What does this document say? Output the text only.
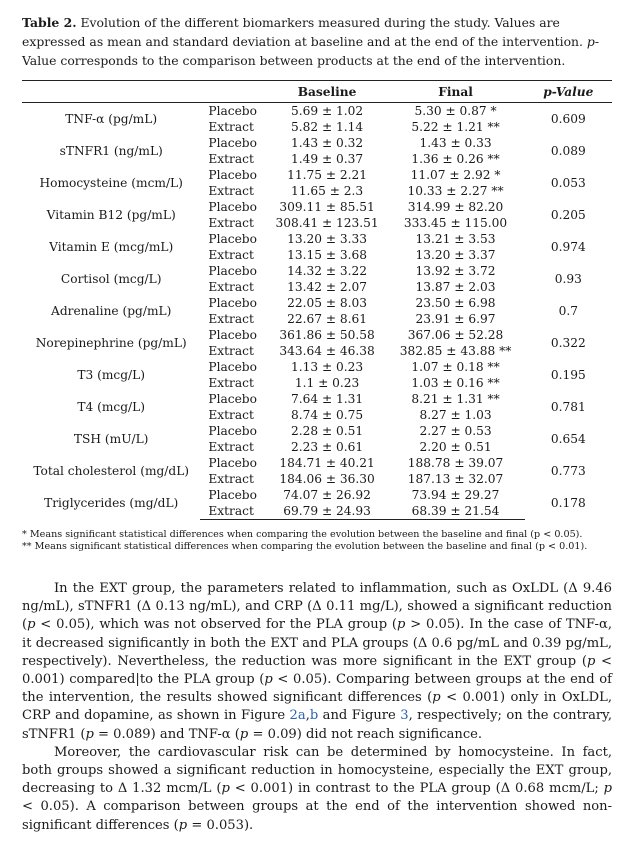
Table 2. Evolution of the different biomarkers measured during the study. Values are expressed as mean and standard deviation at baseline and at the end of the intervention. p-Value corresponds to the comparison between products at the end of the intervention.
		Baseline	Final	p-Value
TNF-α (pg/mL)	Placebo	5.69 ± 1.02	5.30 ± 0.87 *	0.609
	Extract	5.82 ± 1.14	5.22 ± 1.21 **	
sTNFR1 (ng/mL)	Placebo	1.43 ± 0.32	1.43 ± 0.33	0.089
	Extract	1.49 ± 0.37	1.36 ± 0.26 **	
Homocysteine (mcm/L)	Placebo	11.75 ± 2.21	11.07 ± 2.92 *	0.053
	Extract	11.65 ± 2.3	10.33 ± 2.27 **	
Vitamin B12 (pg/mL)	Placebo	309.11 ± 85.51	314.99 ± 82.20	0.205
	Extract	308.41 ± 123.51	333.45 ± 115.00	
Vitamin E (mcg/mL)	Placebo	13.20 ± 3.33	13.21 ± 3.53	0.974
	Extract	13.15 ± 3.68	13.20 ± 3.37	
Cortisol (mcg/L)	Placebo	14.32 ± 3.22	13.92 ± 3.72	0.93
	Extract	13.42 ± 2.07	13.87 ± 2.03	
Adrenaline (pg/mL)	Placebo	22.05 ± 8.03	23.50 ± 6.98	0.7
	Extract	22.67 ± 8.61	23.91 ± 6.97	
Norepinephrine (pg/mL)	Placebo	361.86 ± 50.58	367.06 ± 52.28	0.322
	Extract	343.64 ± 46.38	382.85 ± 43.88 **	
T3 (mcg/L)	Placebo	1.13 ± 0.23	1.07 ± 0.18 **	0.195
	Extract	1.1 ± 0.23	1.03 ± 0.16 **	
T4 (mcg/L)	Placebo	7.64 ± 1.31	8.21 ± 1.31 **	0.781
	Extract	8.74 ± 0.75	8.27 ± 1.03	
TSH (mU/L)	Placebo	2.28 ± 0.51	2.27 ± 0.53	0.654
	Extract	2.23 ± 0.61	2.20 ± 0.51	
Total cholesterol (mg/dL)	Placebo	184.71 ± 40.21	188.78 ± 39.07	0.773
	Extract	184.06 ± 36.30	187.13 ± 32.07	
Triglycerides (mg/dL)	Placebo	74.07 ± 26.92	73.94 ± 29.27	0.178
	Extract	69.79 ± 24.93	68.39 ± 21.54	
* Means significant statistical differences when comparing the evolution between the baseline and final (p < 0.05).
** Means significant statistical differences when comparing the evolution between the baseline and final (p < 0.01).

In the EXT group, the parameters related to inflammation, such as OxLDL (Δ 9.46 ng/mL), sTNFR1 (Δ 0.13 ng/mL), and CRP (Δ 0.11 mg/L), showed a significant reduction (p < 0.05), which was not observed for the PLA group (p > 0.05). In the case of TNF-α, it decreased significantly in both the EXT and PLA groups (Δ 0.6 pg/mL and 0.39 pg/mL, respectively). Nevertheless, the reduction was more significant in the EXT group (p < 0.001) compared|to the PLA group (p < 0.05). Comparing between groups at the end of the intervention, the results showed significant differences (p < 0.001) only in OxLDL, CRP and dopamine, as shown in Figure 2a,b and Figure 3, respectively; on the contrary, sTNFR1 (p = 0.089) and TNF-α (p = 0.09) did not reach significance.

Moreover, the cardiovascular risk can be determined by homocysteine. In fact, both groups showed a significant reduction in homocysteine, especially the EXT group, decreasing to Δ 1.32 mcm/L (p < 0.001) in contrast to the PLA group (Δ 0.68 mcm/L; p < 0.05). A comparison between groups at the end of the intervention showed non-significant differences (p = 0.053).
